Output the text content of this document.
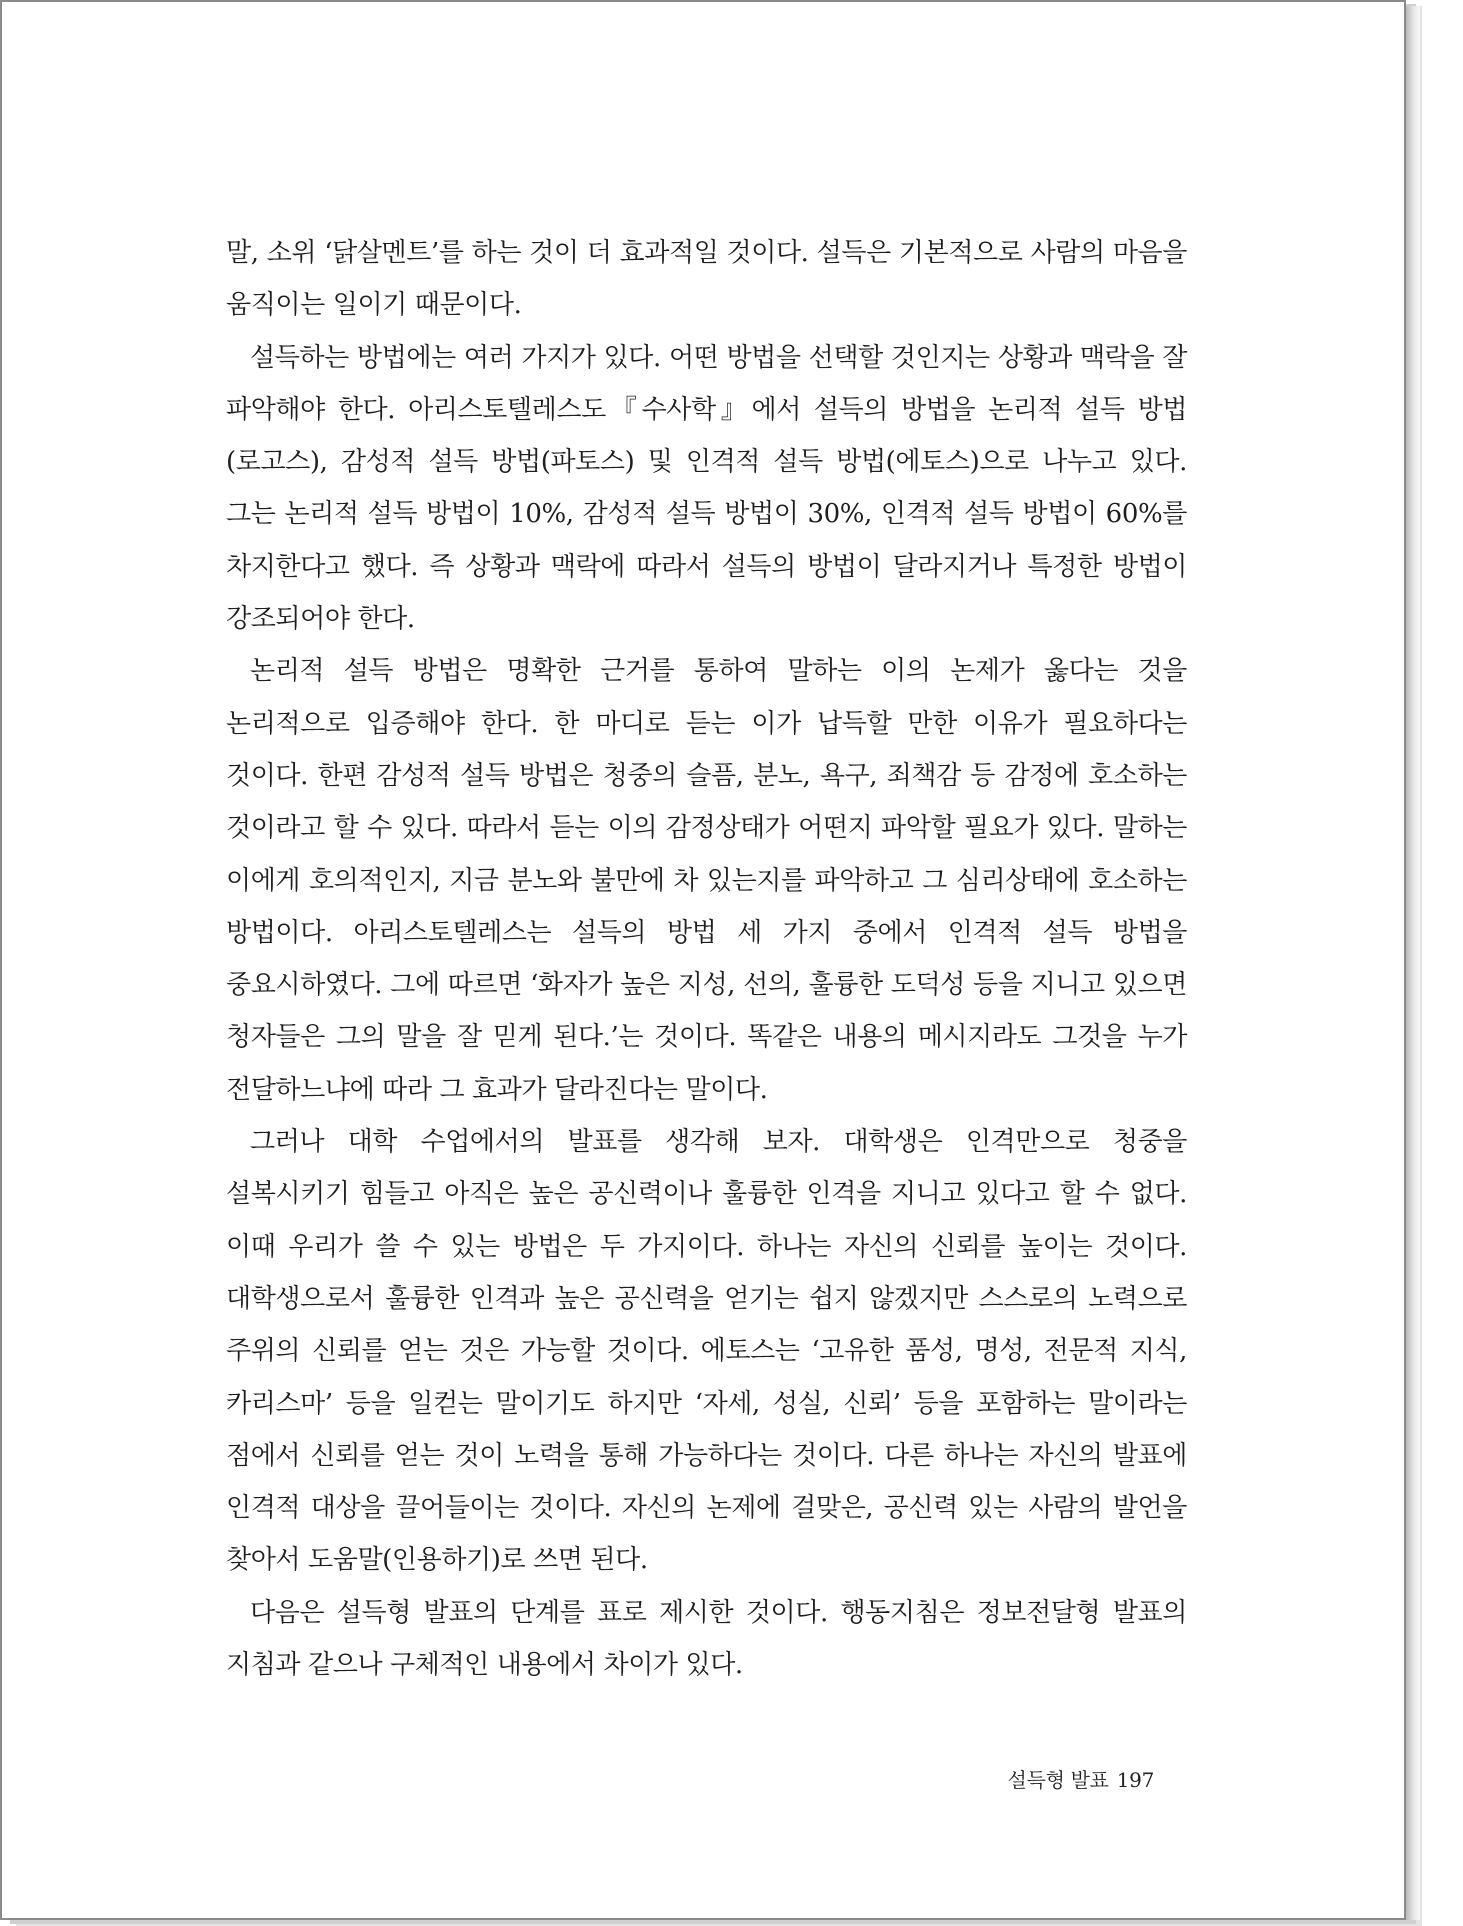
말, 소위 ‘닭살멘트’를 하는 것이 더 효과적일 것이다. 설득은 기본적으로 사람의 마음을 움직이는 일이기 때문이다.

설득하는 방법에는 여러 가지가 있다. 어떤 방법을 선택할 것인지는 상황과 맥락을 잘 파악해야 한다. 아리스토텔레스도『수사학』에서 설득의 방법을 논리적 설득 방법(로고스), 감성적 설득 방법(파토스) 및 인격적 설득 방법(에토스)으로 나누고 있다. 그는 논리적 설득 방법이 10%, 감성적 설득 방법이 30%, 인격적 설득 방법이 60%를 차지한다고 했다. 즉 상황과 맥락에 따라서 설득의 방법이 달라지거나 특정한 방법이 강조되어야 한다.

논리적 설득 방법은 명확한 근거를 통하여 말하는 이의 논제가 옳다는 것을 논리적으로 입증해야 한다. 한 마디로 듣는 이가 납득할 만한 이유가 필요하다는 것이다. 한편 감성적 설득 방법은 청중의 슬픔, 분노, 욕구, 죄책감 등 감정에 호소하는 것이라고 할 수 있다. 따라서 듣는 이의 감정상태가 어떤지 파악할 필요가 있다. 말하는 이에게 호의적인지, 지금 분노와 불만에 차 있는지를 파악하고 그 심리상태에 호소하는 방법이다. 아리스토텔레스는 설득의 방법 세 가지 중에서 인격적 설득 방법을 중요시하였다. 그에 따르면 ‘화자가 높은 지성, 선의, 훌륭한 도덕성 등을 지니고 있으면 청자들은 그의 말을 잘 믿게 된다.’는 것이다. 똑같은 내용의 메시지라도 그것을 누가 전달하느냐에 따라 그 효과가 달라진다는 말이다.

그러나 대학 수업에서의 발표를 생각해 보자. 대학생은 인격만으로 청중을 설복시키기 힘들고 아직은 높은 공신력이나 훌륭한 인격을 지니고 있다고 할 수 없다. 이때 우리가 쓸 수 있는 방법은 두 가지이다. 하나는 자신의 신뢰를 높이는 것이다. 대학생으로서 훌륭한 인격과 높은 공신력을 얻기는 쉽지 않겠지만 스스로의 노력으로 주위의 신뢰를 얻는 것은 가능할 것이다. 에토스는 ‘고유한 품성, 명성, 전문적 지식, 카리스마’ 등을 일컫는 말이기도 하지만 ‘자세, 성실, 신뢰’ 등을 포함하는 말이라는 점에서 신뢰를 얻는 것이 노력을 통해 가능하다는 것이다. 다른 하나는 자신의 발표에 인격적 대상을 끌어들이는 것이다. 자신의 논제에 걸맞은, 공신력 있는 사람의 발언을 찾아서 도움말(인용하기)로 쓰면 된다.

다음은 설득형 발표의 단계를 표로 제시한 것이다. 행동지침은 정보전달형 발표의 지침과 같으나 구체적인 내용에서 차이가 있다.

설득형 발표 197
